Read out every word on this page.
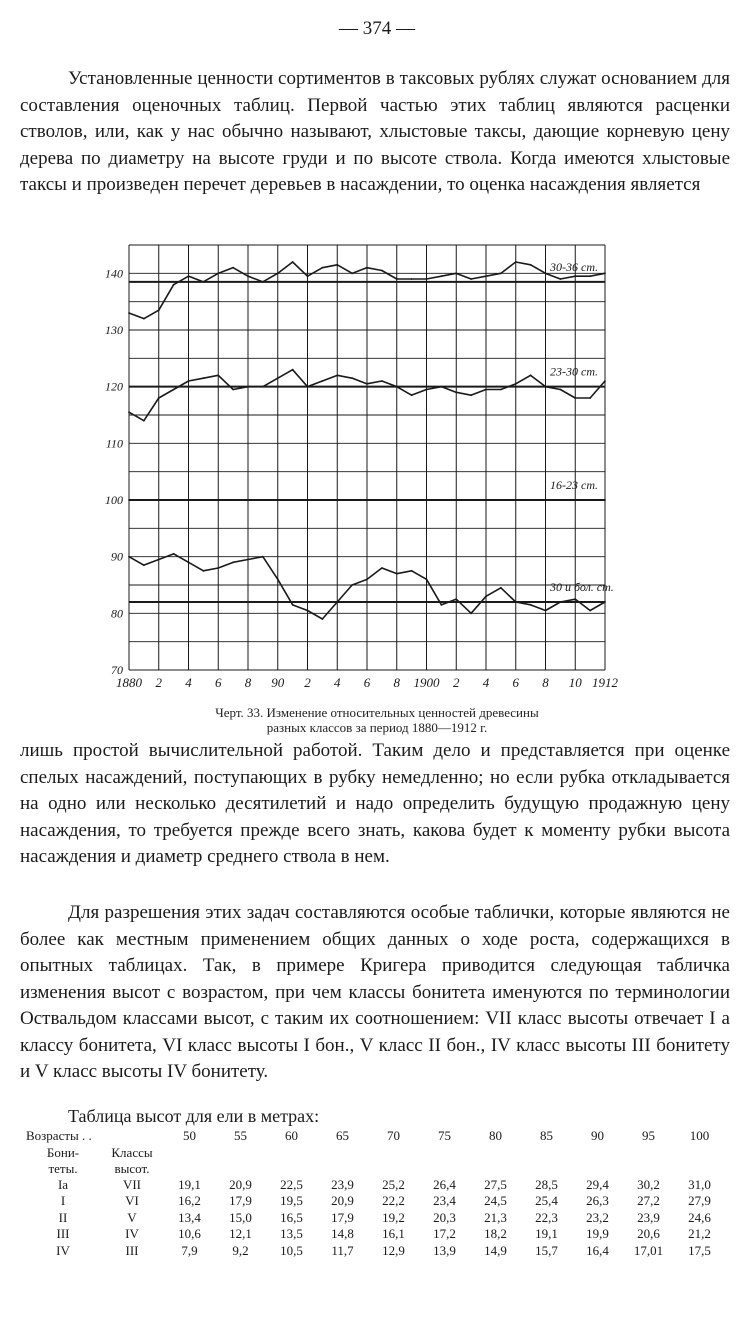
— 374 —

Установленные ценности сортиментов в таксовых рублях служат основанием для составления оценочных таблиц. Первой частью этих таблиц являются расценки стволов, или, как у нас обычно называют, хлыстовые таксы, дающие корневую цену дерева по диаметру на высоте груди и по высоте ствола. Когда имеются хлыстовые таксы и произведен перечет деревьев в насаждении, то оценка насаждения является

140
130
120
110
100
90
80
70
1880 2 4 6 8 90 2 4 6 8 1900 2 4 6 8 10 1912
30-36 cm.
23-30 cm.
16-23 cm.
30 и бол. cm.
Черт. 33. Изменение относительных ценностей древесины
разных классов за период 1880—1912 г.

лишь простой вычислительной работой. Таким дело и представляется при оценке спелых насаждений, поступающих в рубку немедленно; но если рубка откладывается на одно или несколько десятилетий и надо определить будущую продажную цену насаждения, то требуется прежде всего знать, какова будет к моменту рубки высота насаждения и диаметр среднего ствола в нем.

Для разрешения этих задач составляются особые таблички, которые являются не более как местным применением общих данных о ходе роста, содержащихся в опытных таблицах. Так, в примере Кригера приводится следующая табличка изменения высот с возрастом, при чем классы бонитета именуются по терминологии Оствальдом классами высот, с таким их соотношением: VII класс высоты отвечает I а классу бонитета, VI класс высоты I бон., V класс II бон., IV класс высоты III бонитету и V класс высоты IV бонитету.

Таблица высот для ели в метрах:
Возрасты . .		50	55	60	65	70	75	80	85	90	95	100
Бони-
теты.	Классы
высот.											
Ia	VII	19,1	20,9	22,5	23,9	25,2	26,4	27,5	28,5	29,4	30,2	31,0
I	VI	16,2	17,9	19,5	20,9	22,2	23,4	24,5	25,4	26,3	27,2	27,9
II	V	13,4	15,0	16,5	17,9	19,2	20,3	21,3	22,3	23,2	23,9	24,6
III	IV	10,6	12,1	13,5	14,8	16,1	17,2	18,2	19,1	19,9	20,6	21,2
IV	III	7,9	9,2	10,5	11,7	12,9	13,9	14,9	15,7	16,4	17,01	17,5
